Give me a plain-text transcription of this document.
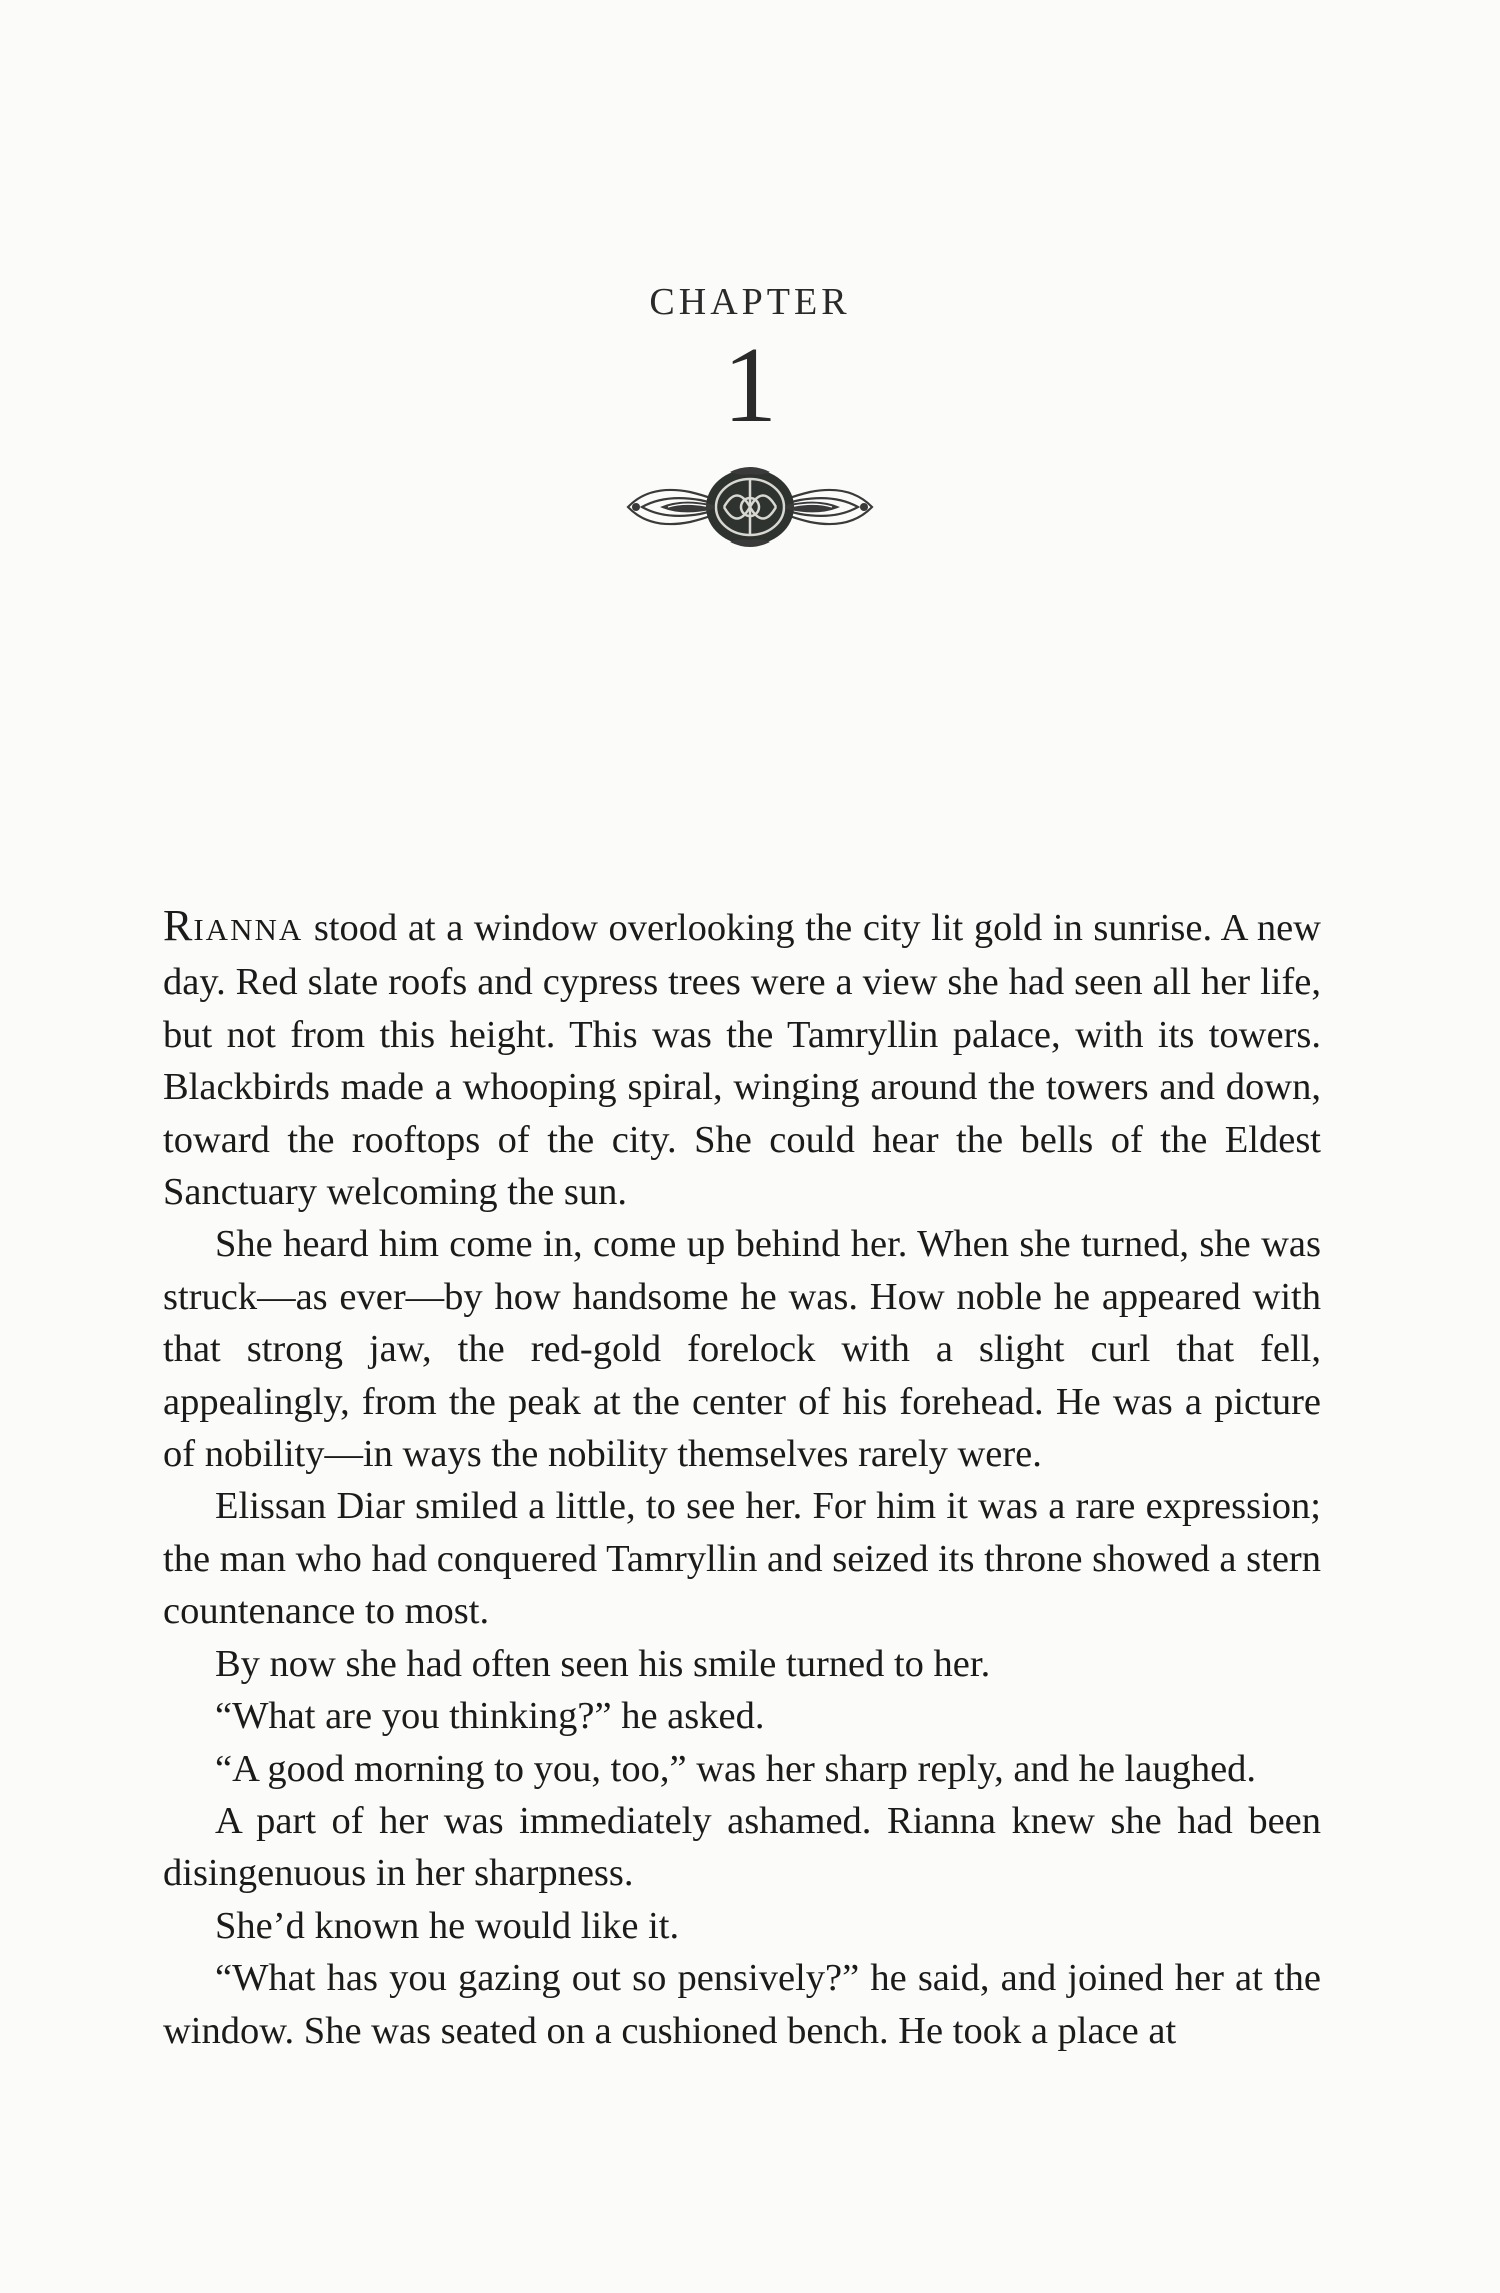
CHAPTER
1

RIANNA stood at a window overlooking the city lit gold in sunrise. A new day. Red slate roofs and cypress trees were a view she had seen all her life, but not from this height. This was the Tamryllin palace, with its towers. Blackbirds made a whooping spiral, winging around the towers and down, toward the rooftops of the city. She could hear the bells of the Eldest Sanctuary welcoming the sun.

She heard him come in, come up behind her. When she turned, she was struck—as ever—by how handsome he was. How noble he appeared with that strong jaw, the red-gold forelock with a slight curl that fell, appealingly, from the peak at the center of his forehead. He was a picture of nobility—in ways the nobility themselves rarely were.

Elissan Diar smiled a little, to see her. For him it was a rare expression; the man who had conquered Tamryllin and seized its throne showed a stern countenance to most.

By now she had often seen his smile turned to her.

“What are you thinking?” he asked.

“A good morning to you, too,” was her sharp reply, and he laughed.

A part of her was immediately ashamed. Rianna knew she had been disingenuous in her sharpness.

She’d known he would like it.

“What has you gazing out so pensively?” he said, and joined her at the window. She was seated on a cushioned bench. He took a place at
